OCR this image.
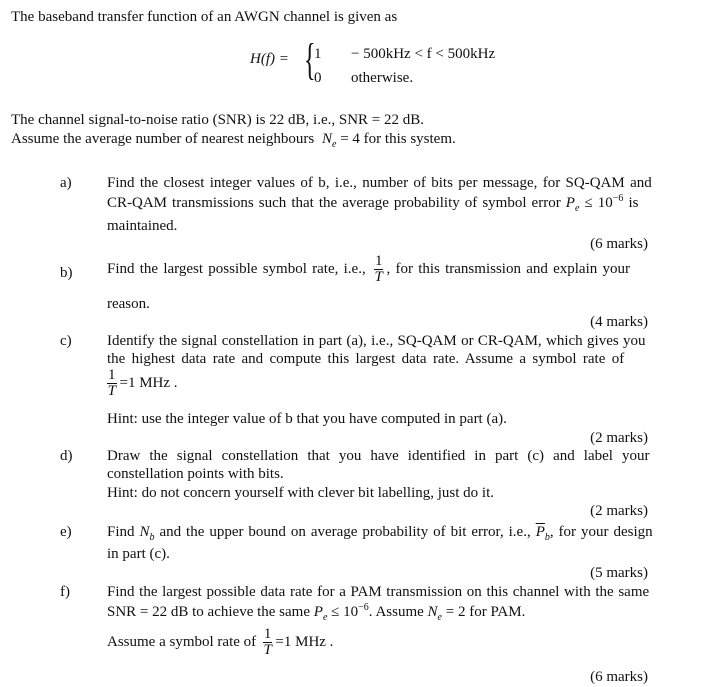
The baseband transfer function of an AWGN channel is given as
H(f) = {
1 − 500kHz < f < 500kHz
0 otherwise.
The channel signal-to-noise ratio (SNR) is 22 dB, i.e., SNR = 22 dB.
Assume the average number of nearest neighbours $N_e = 4$ for this system.
a) Find the closest integer values of b, i.e., number of bits per message, for SQ-QAM and
CR-QAM transmissions such that the average probability of symbol error $P_e \le 10^{-6}$ is
maintained.
(6 marks)
b) Find the largest possible symbol rate, i.e., $\frac{1}{T}$ , for this transmission and explain your
reason.
(4 marks)
c) Identify the signal constellation in part (a), i.e., SQ-QAM or CR-QAM, which gives you
the highest data rate and compute this largest data rate. Assume a symbol rate of
$\frac{1}{T} =1$ MHz .
Hint: use the integer value of b that you have computed in part (a).
(2 marks)
d) Draw the signal constellation that you have identified in part (c) and label your
constellation points with bits.
Hint: do not concern yourself with clever bit labelling, just do it.
(2 marks)
e) Find $N_b$ and the upper bound on average probability of bit error, i.e., $\overline{P}_b$, for your design
in part (c).
(5 marks)
f) Find the largest possible data rate for a PAM transmission on this channel with the same
SNR = 22 dB to achieve the same $P_e \le 10^{-6}$. Assume $N_e = 2$ for PAM.
Assume a symbol rate of $\frac{1}{T} =1$ MHz .
(6 marks)
